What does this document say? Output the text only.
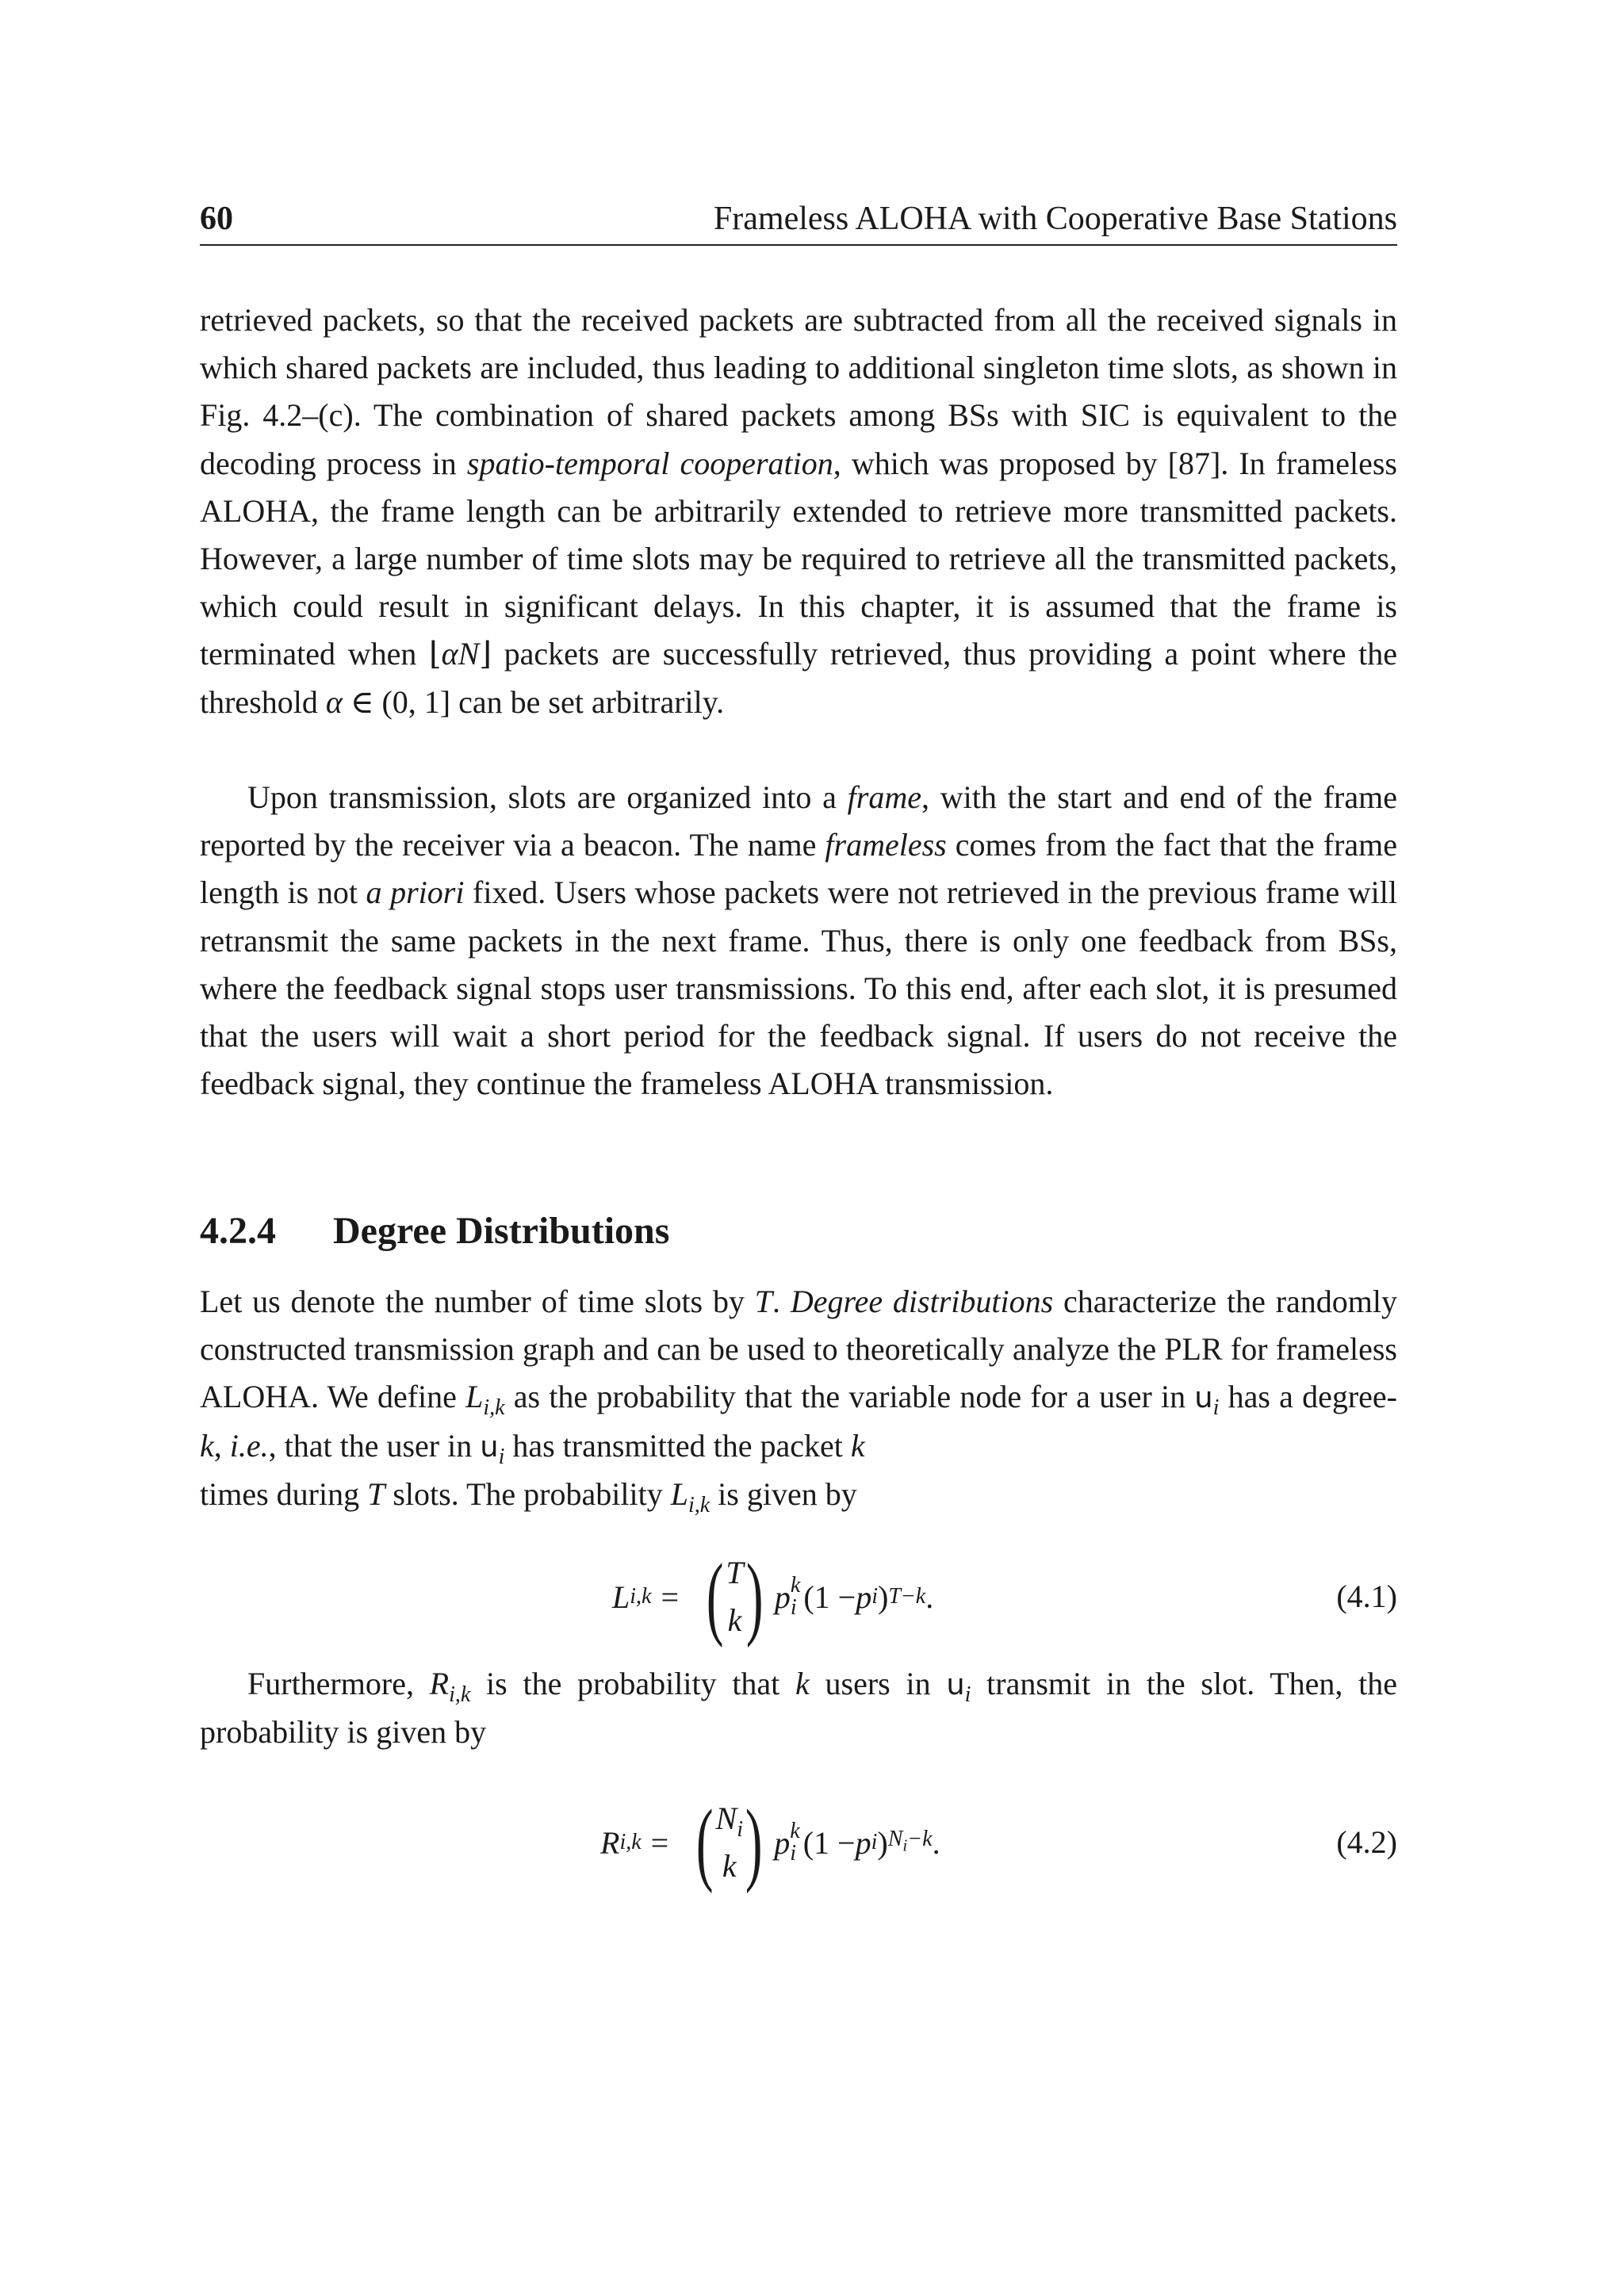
60	Frameless ALOHA with Cooperative Base Stations

retrieved packets, so that the received packets are subtracted from all the received signals in which shared packets are included, thus leading to additional singleton time slots, as shown in Fig. 4.2–(c). The combination of shared packets among BSs with SIC is equivalent to the decoding process in spatio-temporal cooperation, which was proposed by [87]. In frameless ALOHA, the frame length can be arbitrarily extended to retrieve more transmitted packets. However, a large number of time slots may be required to retrieve all the transmitted packets, which could result in significant delays. In this chapter, it is assumed that the frame is terminated when ⌊αN⌋ packets are successfully retrieved, thus providing a point where the threshold α ∈ (0, 1] can be set arbitrarily.

Upon transmission, slots are organized into a frame, with the start and end of the frame reported by the receiver via a beacon. The name frameless comes from the fact that the frame length is not a priori fixed. Users whose packets were not retrieved in the previous frame will retransmit the same packets in the next frame. Thus, there is only one feedback from BSs, where the feedback signal stops user transmissions. To this end, after each slot, it is presumed that the users will wait a short period for the feedback signal. If users do not receive the feedback signal, they continue the frameless ALOHA transmission.

4.2.4 Degree Distributions

Let us denote the number of time slots by T. Degree distributions characterize the randomly constructed transmission graph and can be used to theoretically analyze the PLR for frameless ALOHA. We define $L_{i,k}$ as the probability that the variable node for a user in $u_i$ has a degree-k, i.e., that the user in $u_i$ has transmitted the packet k
times during T slots. The probability $L_{i,k}$ is given by

L i,k = ( T
k ) p k
i (1 − p i ) T−k .	(4.1)

Furthermore, $R_{i,k}$ is the probability that k users in $u_i$ transmit in the slot. Then, the probability is given by

R i,k = ( $N_i$
k ) p k
i (1 − p i ) $N_i-k$ .	(4.2)
